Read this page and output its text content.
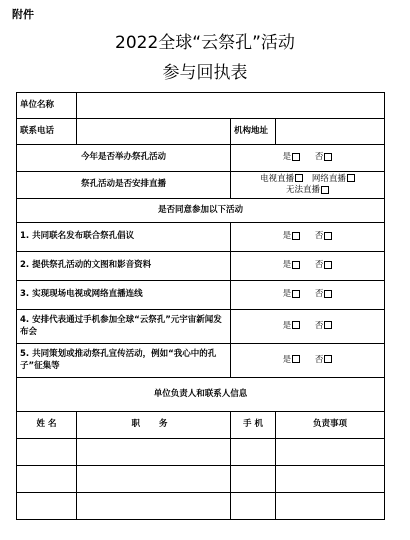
附件
2022全球“云祭孔”活动
参与回执表
单位名称			
联系电话		机构地址	
今年是否举办祭孔活动		是 否	
祭孔活动是否安排直播		电视直播 网络直播 无法直播	
是否同意参加以下活动			
1. 共同联名发布联合祭孔倡议		是 否	
2. 提供祭孔活动的文图和影音资料		是 否	
3. 实现现场电视或网络直播连线		是 否	
4. 安排代表通过手机参加全球“云祭孔”元宇宙新闻发布会		是 否	
5. 共同策划或推动祭孔宣传活动，例如“我心中的孔子”征集等		是 否	
单位负责人和联系人信息			
姓 名	职 务	手 机	负责事项
